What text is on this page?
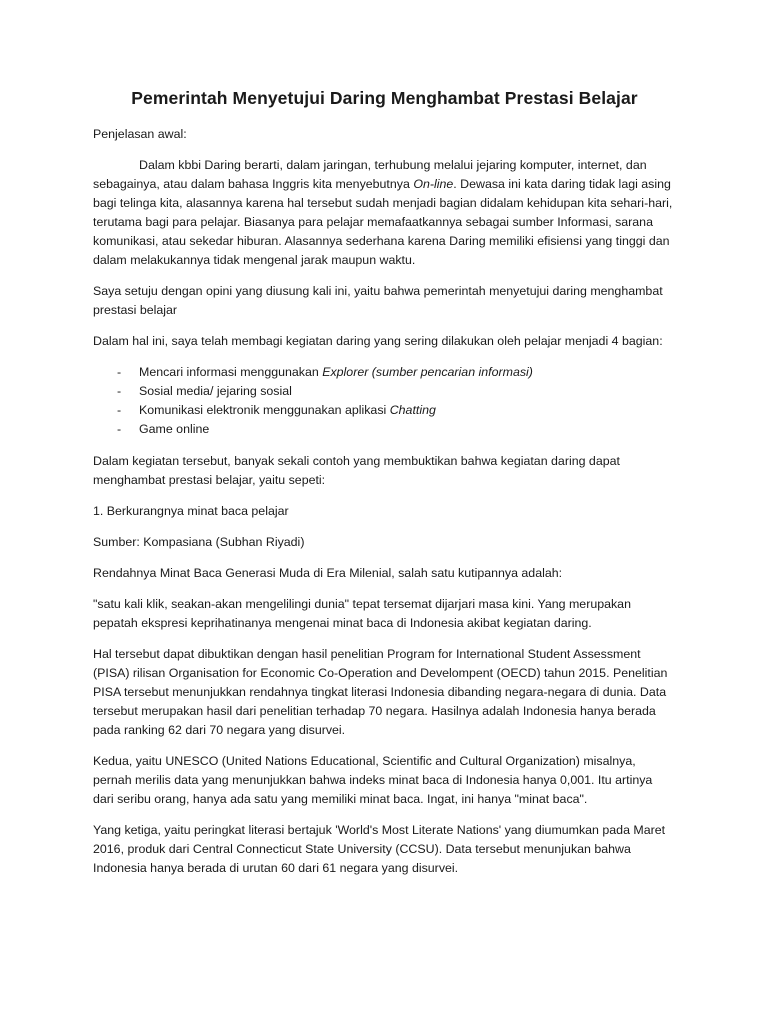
Pemerintah Menyetujui Daring Menghambat Prestasi Belajar

Penjelasan awal:

Dalam kbbi Daring berarti, dalam jaringan, terhubung melalui jejaring komputer, internet, dan sebagainya, atau dalam bahasa Inggris kita menyebutnya On-line. Dewasa ini kata daring tidak lagi asing bagi telinga kita, alasannya karena hal tersebut sudah menjadi bagian didalam kehidupan kita sehari-hari, terutama bagi para pelajar. Biasanya para pelajar memafaatkannya sebagai sumber Informasi, sarana komunikasi, atau sekedar hiburan. Alasannya sederhana karena Daring memiliki efisiensi yang tinggi dan dalam melakukannya tidak mengenal jarak maupun waktu.

Saya setuju dengan opini yang diusung kali ini, yaitu bahwa pemerintah menyetujui daring menghambat prestasi belajar

Dalam hal ini, saya telah membagi kegiatan daring yang sering dilakukan oleh pelajar menjadi 4 bagian:

- Mencari informasi menggunakan Explorer (sumber pencarian informasi)
- Sosial media/ jejaring sosial
- Komunikasi elektronik menggunakan aplikasi Chatting
- Game online

Dalam kegiatan tersebut, banyak sekali contoh yang membuktikan bahwa kegiatan daring dapat menghambat prestasi belajar, yaitu sepeti:

1. Berkurangnya minat baca pelajar

Sumber: Kompasiana (Subhan Riyadi)

Rendahnya Minat Baca Generasi Muda di Era Milenial, salah satu kutipannya adalah:

"satu kali klik, seakan-akan mengelilingi dunia" tepat tersemat dijarjari masa kini. Yang merupakan pepatah ekspresi keprihatinanya mengenai minat baca di Indonesia akibat kegiatan daring.

Hal tersebut dapat dibuktikan dengan hasil penelitian Program for International Student Assessment (PISA) rilisan Organisation for Economic Co-Operation and Develompent (OECD) tahun 2015. Penelitian PISA tersebut menunjukkan rendahnya tingkat literasi Indonesia dibanding negara-negara di dunia. Data tersebut merupakan hasil dari penelitian terhadap 70 negara. Hasilnya adalah Indonesia hanya berada pada ranking 62 dari 70 negara yang disurvei.

Kedua, yaitu UNESCO (United Nations Educational, Scientific and Cultural Organization) misalnya, pernah merilis data yang menunjukkan bahwa indeks minat baca di Indonesia hanya 0,001. Itu artinya dari seribu orang, hanya ada satu yang memiliki minat baca. Ingat, ini hanya "minat baca".

Yang ketiga, yaitu peringkat literasi bertajuk 'World's Most Literate Nations' yang diumumkan pada Maret 2016, produk dari Central Connecticut State University (CCSU). Data tersebut menunjukan bahwa Indonesia hanya berada di urutan 60 dari 61 negara yang disurvei.
